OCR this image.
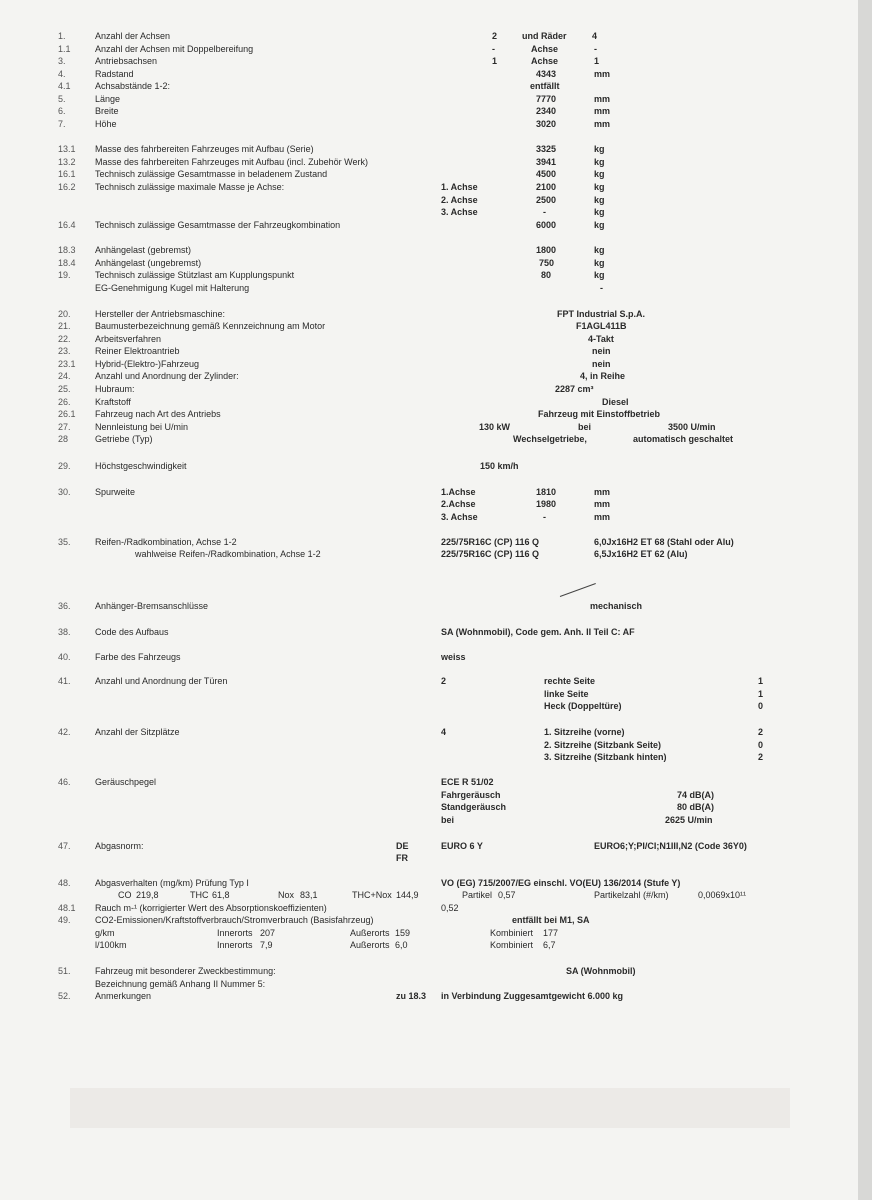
1.	Anzahl der Achsen	2	und Räder	4
1.1	Anzahl der Achsen mit Doppelbereifung	-	Achse	-
3.	Antriebsachsen	1	Achse	1
4.	Radstand	4343	mm
4.1	Achsabstände 1-2:	entfällt
5.	Länge	7770	mm
6.	Breite	2340	mm
7.	Höhe	3020	mm
13.1 Masse des fahrbereiten Fahrzeuges mit Aufbau (Serie)	3325	kg
13.2 Masse des fahrbereiten Fahrzeuges mit Aufbau (incl. Zubehör Werk)	3941	kg
16.1 Technisch zulässige Gesamtmasse in beladenem Zustand	4500	kg
16.2 Technisch zulässige maximale Masse je Achse:	1. Achse	2100	kg
2. Achse	2500	kg
3. Achse	-	kg
16.4 Technisch zulässige Gesamtmasse der Fahrzeugkombination	6000	kg
18.3 Anhängelast (gebremst)	1800	kg
18.4 Anhängelast (ungebremst)	750	kg
19.	Technisch zulässige Stützlast am Kupplungspunkt	80	kg
EG-Genehmigung Kugel mit Halterung	-
20.	Hersteller der Antriebsmaschine:	FPT Industrial S.p.A.
21.	Baumusterbezeichnung gemäß Kennzeichnung am Motor	F1AGL411B
22.	Arbeitsverfahren	4-Takt
23.	Reiner Elektroantrieb	nein
23.1 Hybrid-(Elektro-)Fahrzeug	nein
24.	Anzahl und Anordnung der Zylinder:	4, in Reihe
25.	Hubraum:	2287 cm³
26.	Kraftstoff	Diesel
26.1 Fahrzeug nach Art des Antriebs	Fahrzeug mit Einstoffbetrieb
27.	Nennleistung bei U/min	130 kW	bei	3500 U/min
28	Getriebe (Typ)	Wechselgetriebe,	automatisch geschaltet
29.	Höchstgeschwindigkeit	150 km/h
30.	Spurweite	1.Achse	1810	mm
2.Achse	1980	mm
3. Achse	-	mm
35.	Reifen-/Radkombination, Achse 1-2	225/75R16C (CP) 116 Q	6,0Jx16H2 ET 68 (Stahl oder Alu)
wahlweise Reifen-/Radkombination, Achse 1-2	225/75R16C (CP) 116 Q	6,5Jx16H2 ET 62 (Alu)
36.	Anhänger-Bremsanschlüsse	mechanisch
38.	Code des Aufbaus	SA (Wohnmobil), Code gem. Anh. II Teil C: AF
40.	Farbe des Fahrzeugs	weiss
41.	Anzahl und Anordnung der Türen	2	rechte Seite	1
linke Seite	1
Heck (Doppeltüre)	0
42.	Anzahl der Sitzplätze	4	1. Sitzreihe (vorne)	2
2. Sitzreihe (Sitzbank Seite)	0
3. Sitzreihe (Sitzbank hinten)	2
46.	Geräuschpegel	ECE R 51/02
Fahrgeräusch	74 dB(A)
Standgeräusch	80 dB(A)
bei	2625 U/min
47.	Abgasnorm:	DE	EURO 6 Y	EURO6;Y;PI/CI;N1III,N2 (Code 36Y0)
FR
48.	Abgasverhalten (mg/km) Prüfung Typ I	VO (EG) 715/2007/EG einschl. VO(EU) 136/2014 (Stufe Y)
CO 219,8	THC 61,8	Nox 83,1	THC+Nox 144,9	Partikel 0,57	Partikelzahl (#/km)	0,0069x10¹¹
48.1 Rauch m-¹ (korrigierter Wert des Absorptionskoeffizienten)	0,52
49.	CO2-Emissionen/Kraftstoffverbrauch/Stromverbrauch (Basisfahrzeug)	entfällt bei M1, SA
g/km	Innerorts 207	Außerorts 159	Kombiniert 177
l/100km	Innerorts 7,9	Außerorts 6,0	Kombiniert 6,7
51.	Fahrzeug mit besonderer Zweckbestimmung:	SA (Wohnmobil)
Bezeichnung gemäß Anhang II Nummer 5:
52.	Anmerkungen	zu 18.3 in Verbindung Zuggesamtgewicht 6.000 kg
